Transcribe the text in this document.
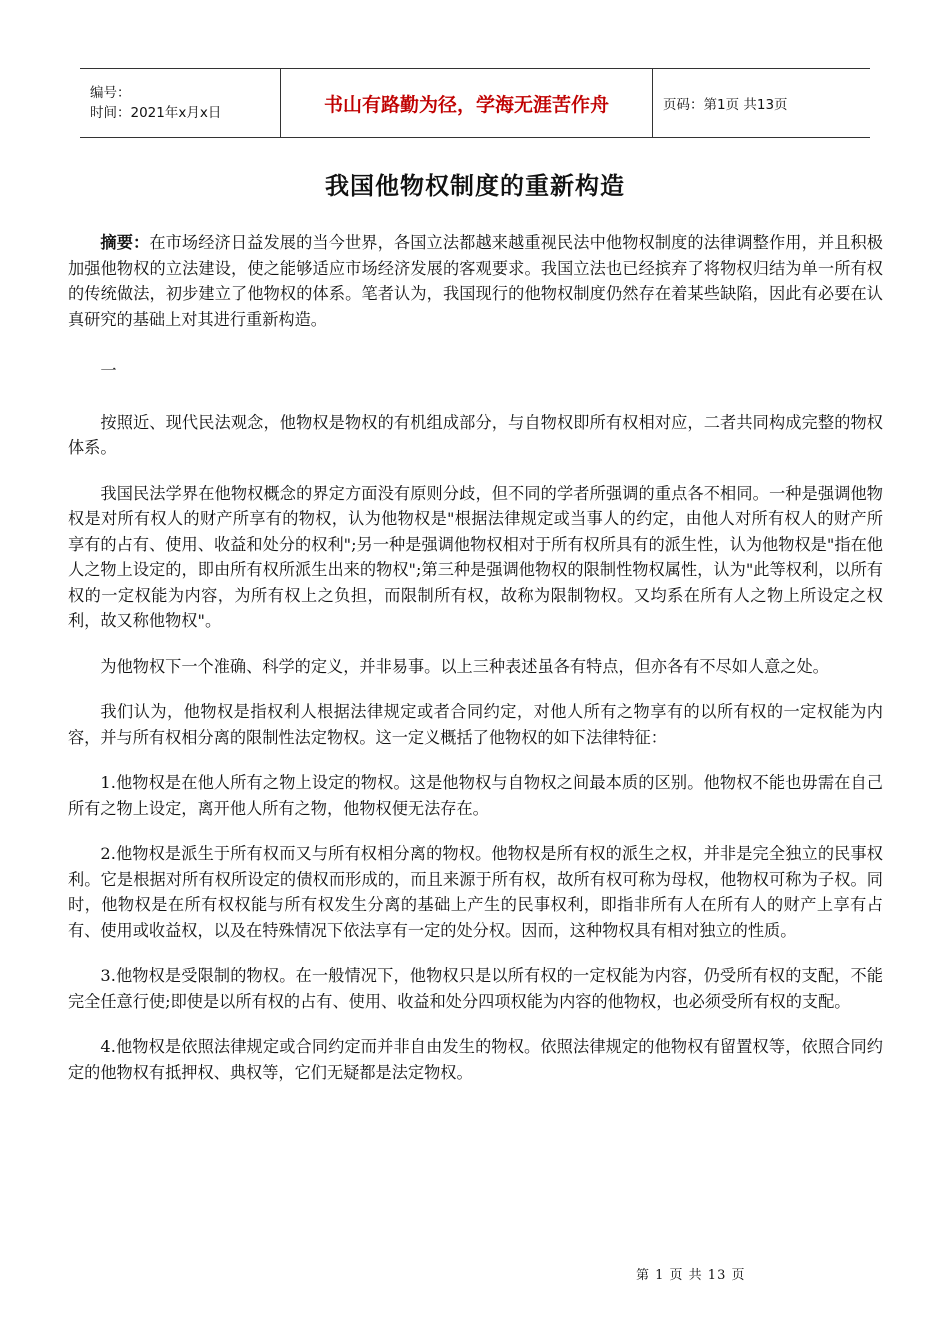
编号：
时间：2021年x月x日	书山有路勤为径，学海无涯苦作舟	页码：第1页 共13页
我国他物权制度的重新构造

摘要：在市场经济日益发展的当今世界，各国立法都越来越重视民法中他物权制度的法律调整作用，并且积极加强他物权的立法建设，使之能够适应市场经济发展的客观要求。我国立法也已经摈弃了将物权归结为单一所有权的传统做法，初步建立了他物权的体系。笔者认为，我国现行的他物权制度仍然存在着某些缺陷，因此有必要在认真研究的基础上对其进行重新构造。

一

按照近、现代民法观念，他物权是物权的有机组成部分，与自物权即所有权相对应，二者共同构成完整的物权体系。

我国民法学界在他物权概念的界定方面没有原则分歧，但不同的学者所强调的重点各不相同。一种是强调他物权是对所有权人的财产所享有的物权，认为他物权是"根据法律规定或当事人的约定，由他人对所有权人的财产所享有的占有、使用、收益和处分的权利";另一种是强调他物权相对于所有权所具有的派生性，认为他物权是"指在他人之物上设定的，即由所有权所派生出来的物权";第三种是强调他物权的限制性物权属性，认为"此等权利，以所有权的一定权能为内容，为所有权上之负担，而限制所有权，故称为限制物权。又均系在所有人之物上所设定之权利，故又称他物权"。

为他物权下一个准确、科学的定义，并非易事。以上三种表述虽各有特点，但亦各有不尽如人意之处。

我们认为，他物权是指权利人根据法律规定或者合同约定，对他人所有之物享有的以所有权的一定权能为内容，并与所有权相分离的限制性法定物权。这一定义概括了他物权的如下法律特征：

1.他物权是在他人所有之物上设定的物权。这是他物权与自物权之间最本质的区别。他物权不能也毋需在自己所有之物上设定，离开他人所有之物，他物权便无法存在。

2.他物权是派生于所有权而又与所有权相分离的物权。他物权是所有权的派生之权，并非是完全独立的民事权利。它是根据对所有权所设定的债权而形成的，而且来源于所有权，故所有权可称为母权，他物权可称为子权。同时，他物权是在所有权权能与所有权发生分离的基础上产生的民事权利，即指非所有人在所有人的财产上享有占有、使用或收益权，以及在特殊情况下依法享有一定的处分权。因而，这种物权具有相对独立的性质。

3.他物权是受限制的物权。在一般情况下，他物权只是以所有权的一定权能为内容，仍受所有权的支配，不能完全任意行使;即使是以所有权的占有、使用、收益和处分四项权能为内容的他物权，也必须受所有权的支配。

4.他物权是依照法律规定或合同约定而并非自由发生的物权。依照法律规定的他物权有留置权等，依照合同约定的他物权有抵押权、典权等，它们无疑都是法定物权。

第 1 页 共 13 页
